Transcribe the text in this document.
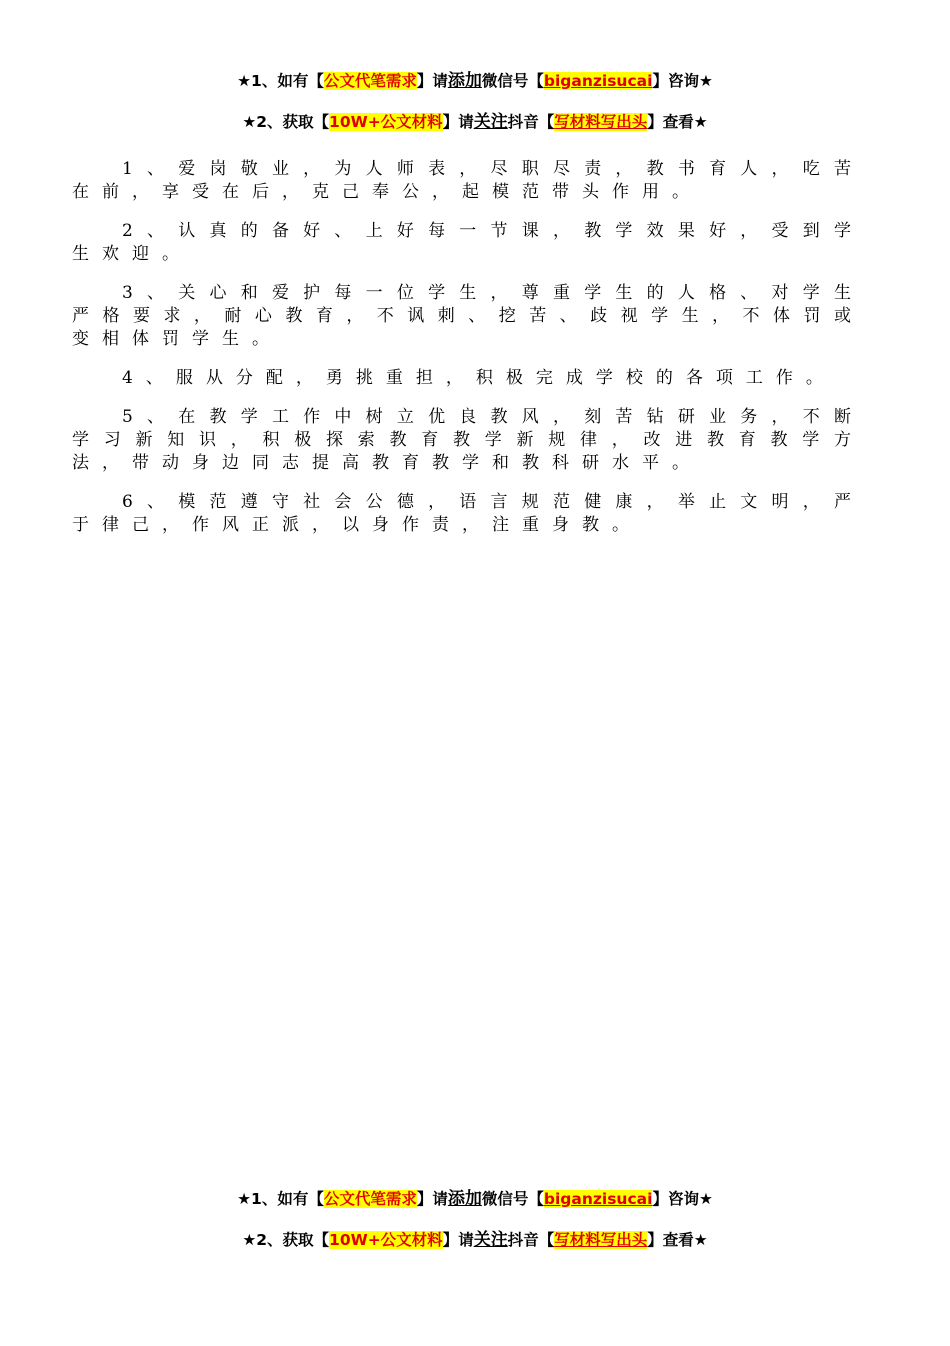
★1、如有【公文代笔需求】请添加微信号【biganzisucai】咨询★
★2、获取【10W+公文材料】请关注抖音【写材料写出头】查看★

1、爱岗敬业，为人师表，尽职尽责，教书育人，吃苦在前，享受在后，克己奉公，起模范带头作用。

2、认真的备好、上好每一节课，教学效果好，受到学生欢迎。

3、关心和爱护每一位学生，尊重学生的人格、对学生严格要求，耐心教育，不讽刺、挖苦、歧视学生，不体罚或变相体罚学生。

4、服从分配，勇挑重担，积极完成学校的各项工作。

5、在教学工作中树立优良教风，刻苦钻研业务，不断学习新知识，积极探索教育教学新规律，改进教育教学方法，带动身边同志提高教育教学和教科研水平。

6、模范遵守社会公德，语言规范健康，举止文明，严于律己，作风正派，以身作责，注重身教。

★1、如有【公文代笔需求】请添加微信号【biganzisucai】咨询★
★2、获取【10W+公文材料】请关注抖音【写材料写出头】查看★
